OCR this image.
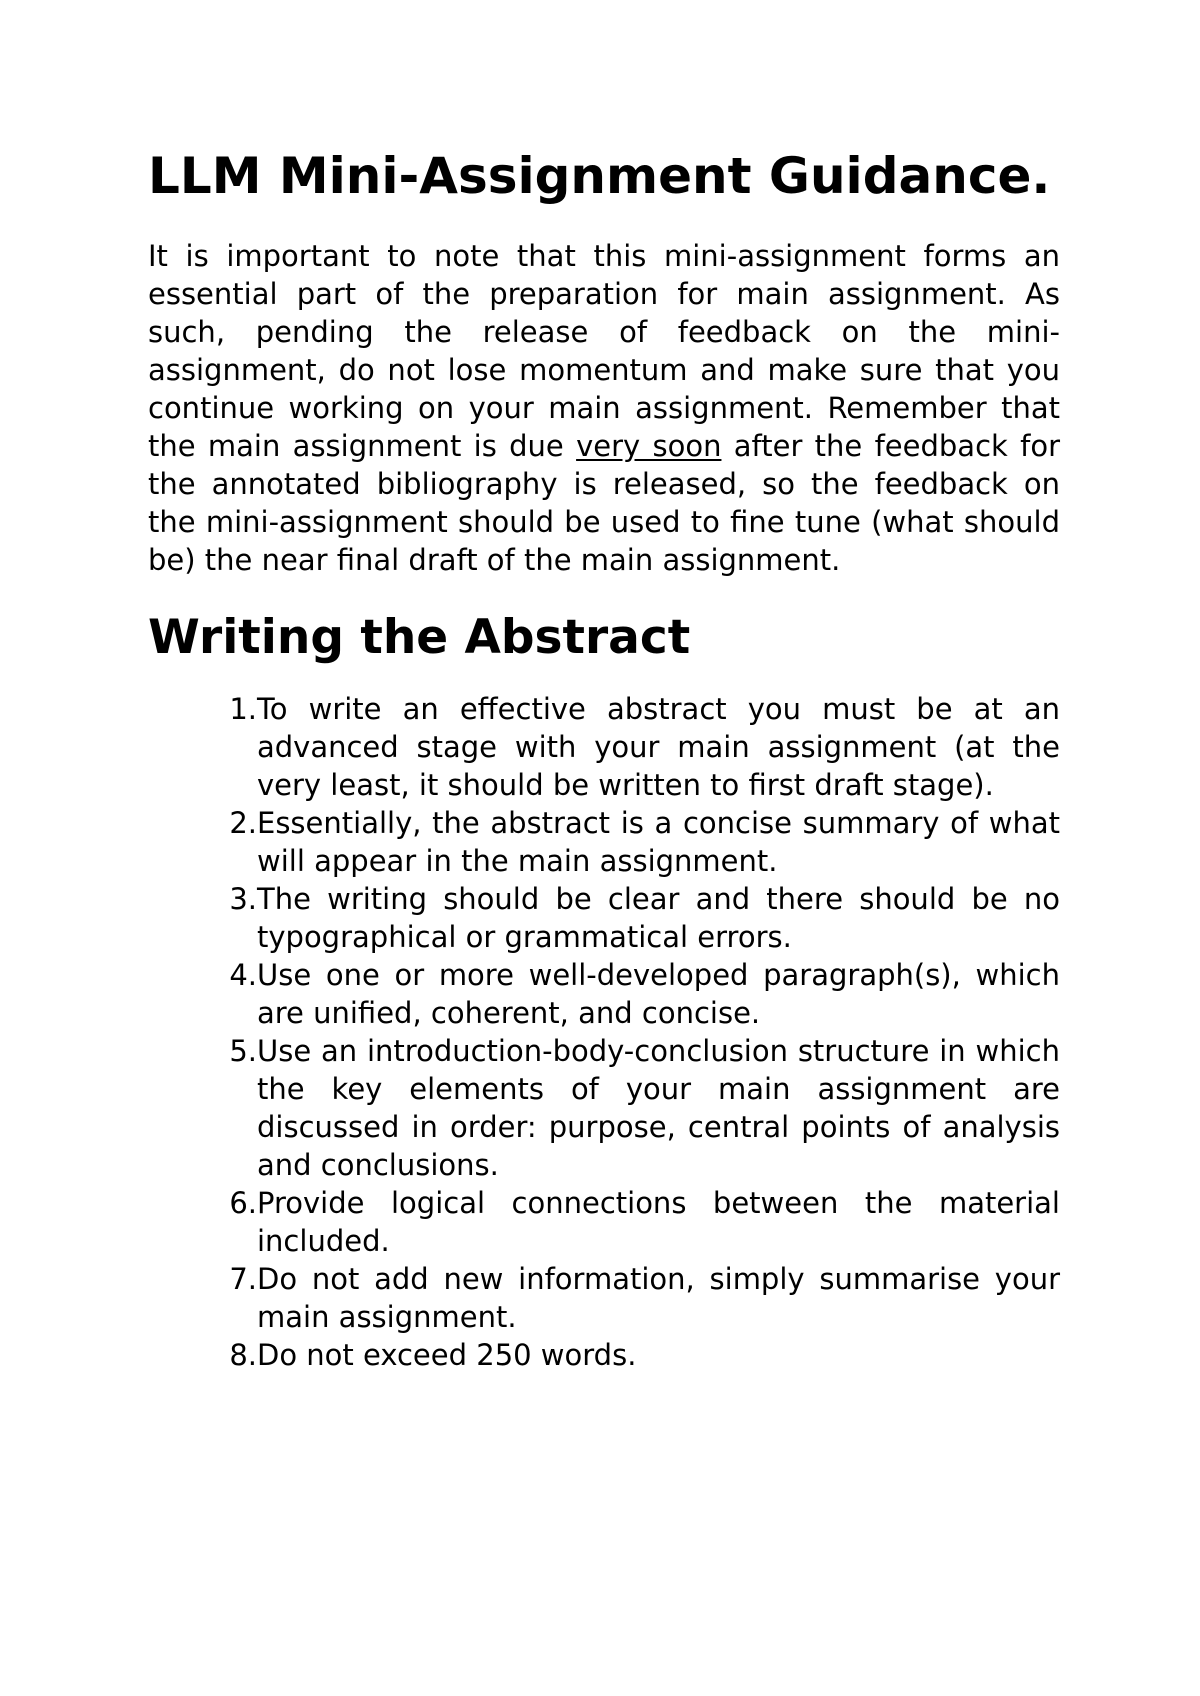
LLM Mini-Assignment Guidance.

It is important to note that this mini-assignment forms an essential part of the preparation for main assignment. As such, pending the release of feedback on the mini-assignment, do not lose momentum and make sure that you continue working on your main assignment. Remember that the main assignment is due very soon after the feedback for the annotated bibliography is released, so the feedback on the mini-assignment should be used to fine tune (what should be) the near final draft of the main assignment.

Writing the Abstract
1. To write an effective abstract you must be at an advanced stage with your main assignment (at the very least, it should be written to first draft stage).
2. Essentially, the abstract is a concise summary of what will appear in the main assignment.
3. The writing should be clear and there should be no typographical or grammatical errors.
4. Use one or more well-developed paragraph(s), which are unified, coherent, and concise.
5. Use an introduction-body-conclusion structure in which the key elements of your main assignment are discussed in order: purpose, central points of analysis and conclusions.
6. Provide logical connections between the material included.
7. Do not add new information, simply summarise your main assignment.
8. Do not exceed 250 words.
